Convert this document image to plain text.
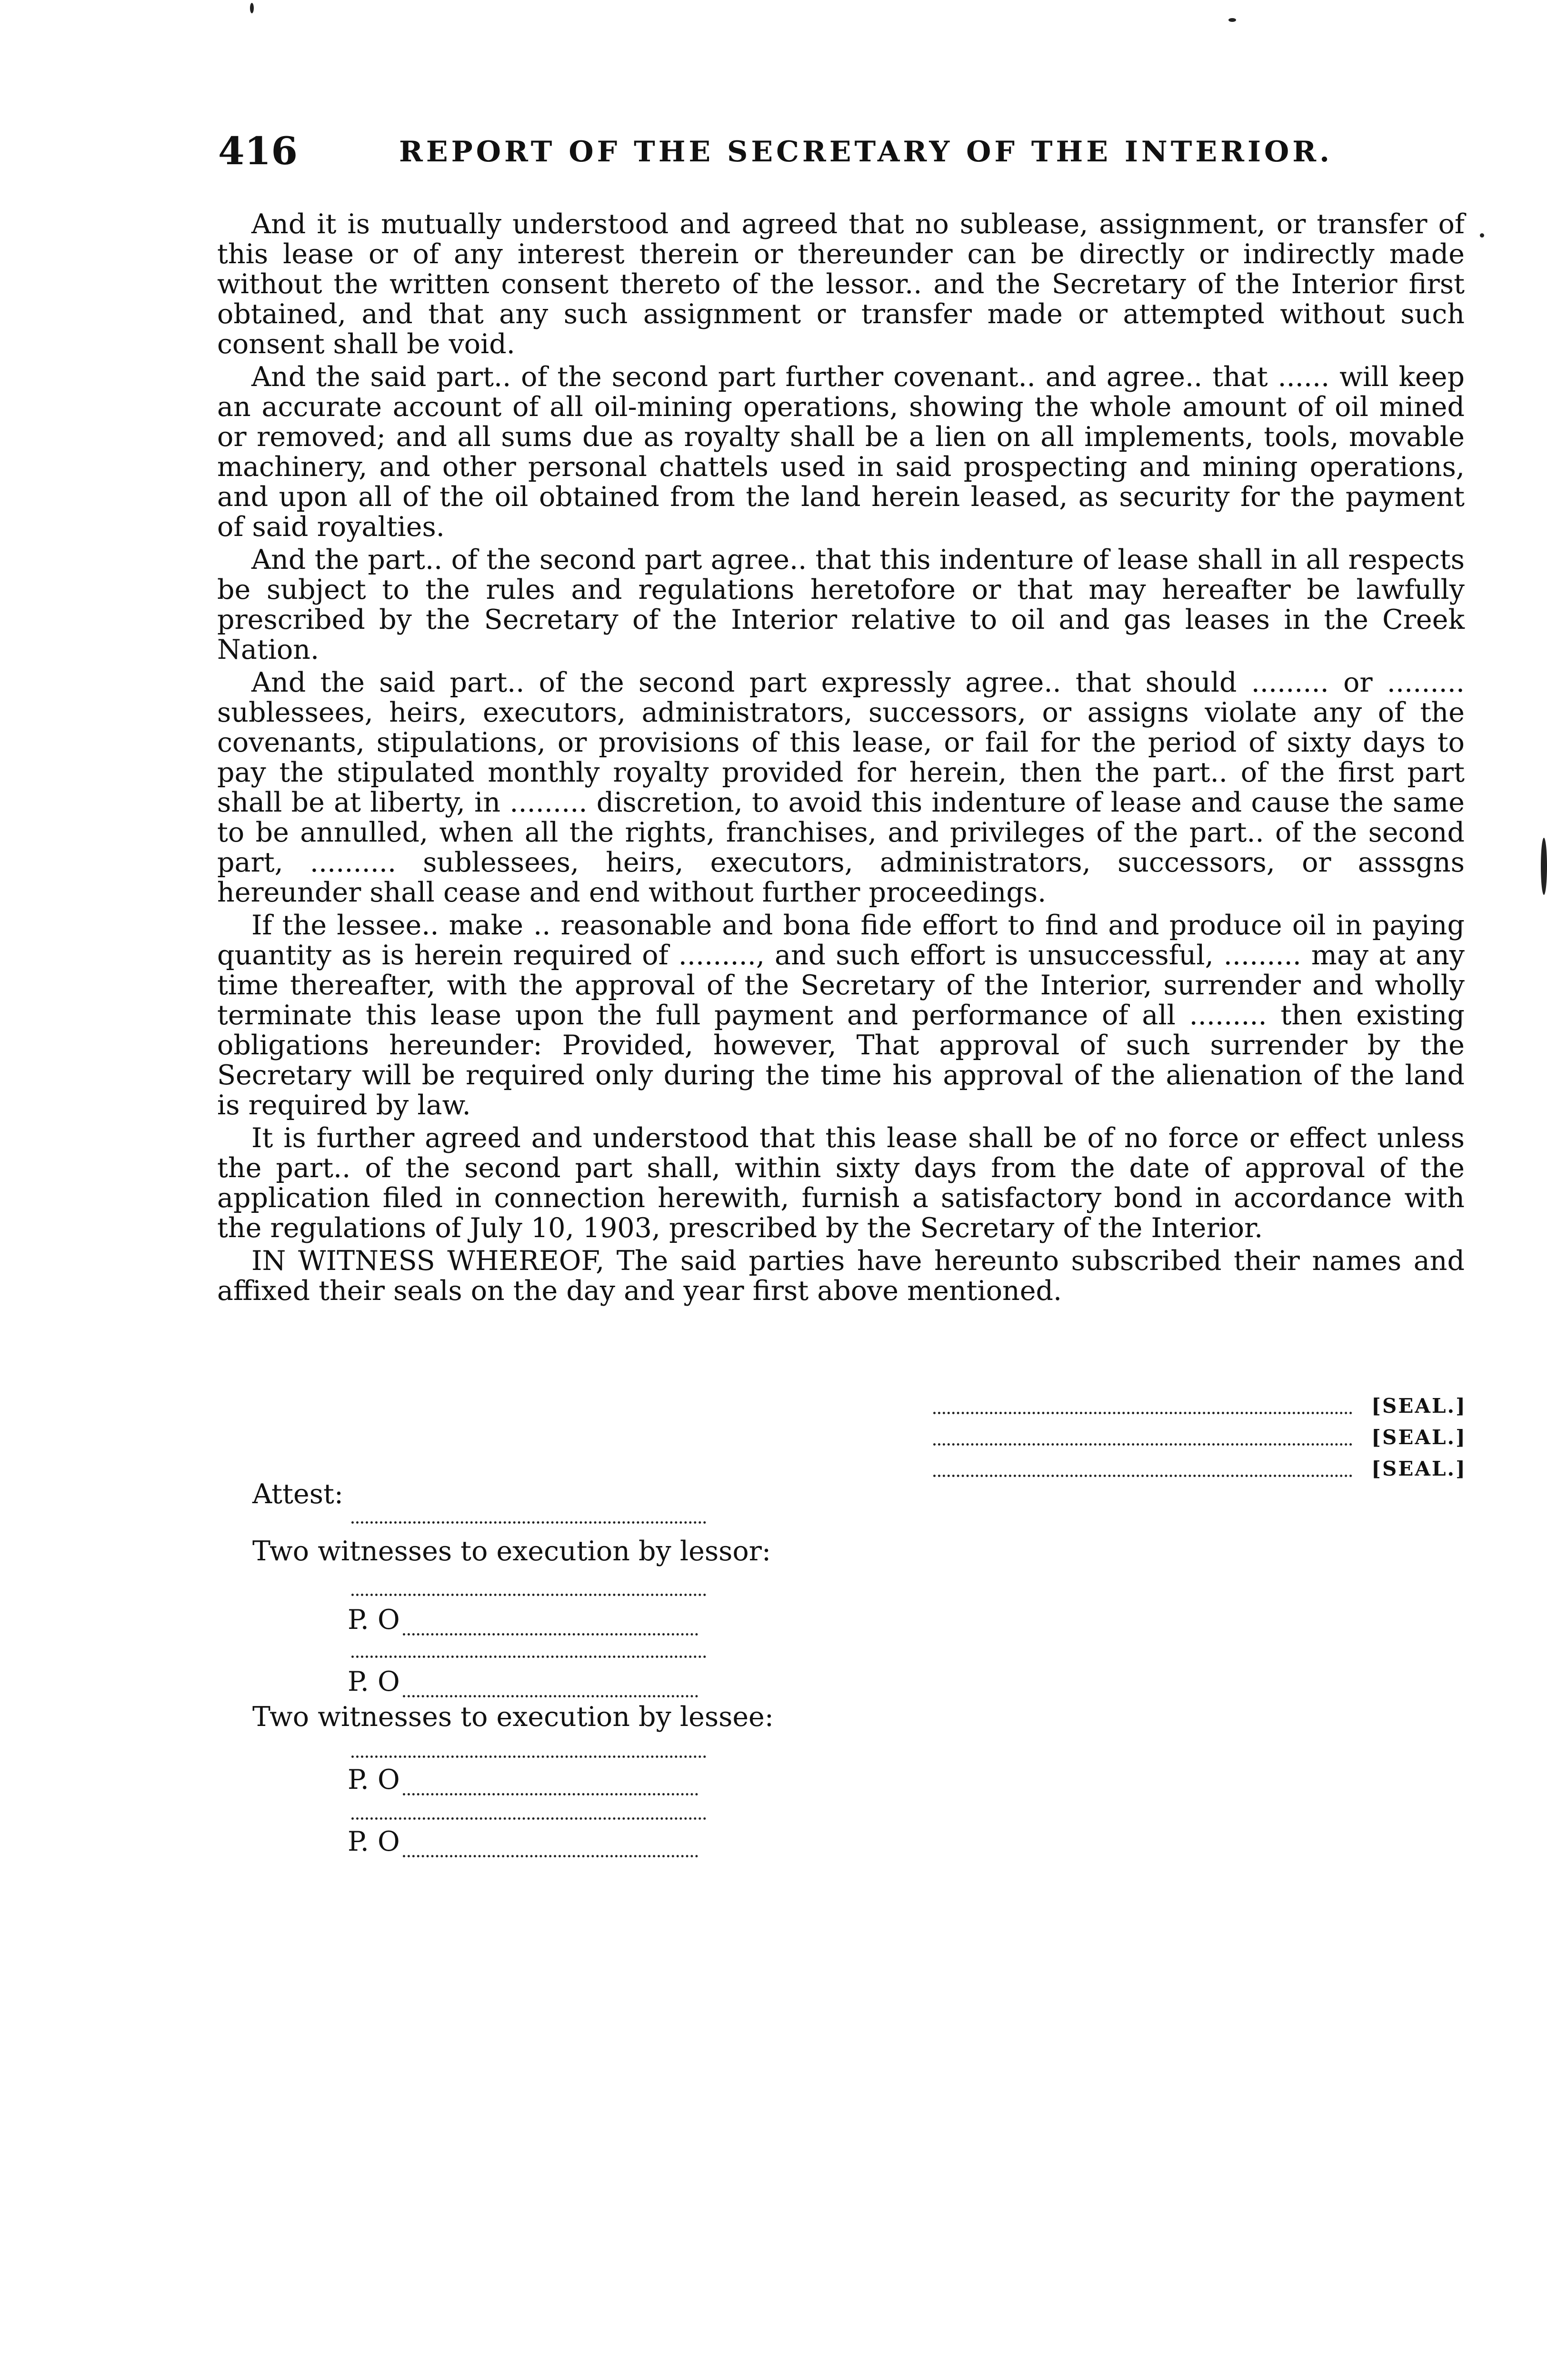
416	REPORT OF THE SECRETARY OF THE INTERIOR.

And it is mutually understood and agreed that no sublease, assignment, or transfer of this lease or of any interest therein or thereunder can be directly or indirectly made without the written consent thereto of the lessor.. and the Secretary of the Interior first obtained, and that any such assignment or transfer made or attempted without such consent shall be void.

And the said part.. of the second part further covenant.. and agree.. that ...... will keep an accurate account of all oil-mining operations, showing the whole amount of oil mined or removed; and all sums due as royalty shall be a lien on all implements, tools, movable machinery, and other personal chattels used in said prospecting and mining operations, and upon all of the oil obtained from the land herein leased, as security for the payment of said royalties.

And the part.. of the second part agree.. that this indenture of lease shall in all respects be subject to the rules and regulations heretofore or that may hereafter be lawfully prescribed by the Secretary of the Interior relative to oil and gas leases in the Creek Nation.

And the said part.. of the second part expressly agree.. that should ......... or ......... sublessees, heirs, executors, administrators, successors, or assigns violate any of the covenants, stipulations, or provisions of this lease, or fail for the period of sixty days to pay the stipulated monthly royalty provided for herein, then the part.. of the first part shall be at liberty, in ......... discretion, to avoid this indenture of lease and cause the same to be annulled, when all the rights, franchises, and privileges of the part.. of the second part, .......... sublessees, heirs, executors, administrators, successors, or asssgns hereunder shall cease and end without further proceedings.

If the lessee.. make .. reasonable and bona fide effort to find and produce oil in paying quantity as is herein required of ........., and such effort is unsuccessful, ......... may at any time thereafter, with the approval of the Secretary of the Interior, surrender and wholly terminate this lease upon the full payment and performance of all ......... then existing obligations hereunder: Provided, however, That approval of such surrender by the Secretary will be required only during the time his approval of the alienation of the land is required by law.

It is further agreed and understood that this lease shall be of no force or effect unless the part.. of the second part shall, within sixty days from the date of approval of the application filed in connection herewith, furnish a satisfactory bond in accordance with the regulations of July 10, 1903, prescribed by the Secretary of the Interior.

IN WITNESS WHEREOF, The said parties have hereunto subscribed their names and affixed their seals on the day and year first above mentioned.

[SEAL.]
[SEAL.]
[SEAL.]
Attest:
Two witnesses to execution by lessor:
P. O
P. O
Two witnesses to execution by lessee:
P. O
P. O
